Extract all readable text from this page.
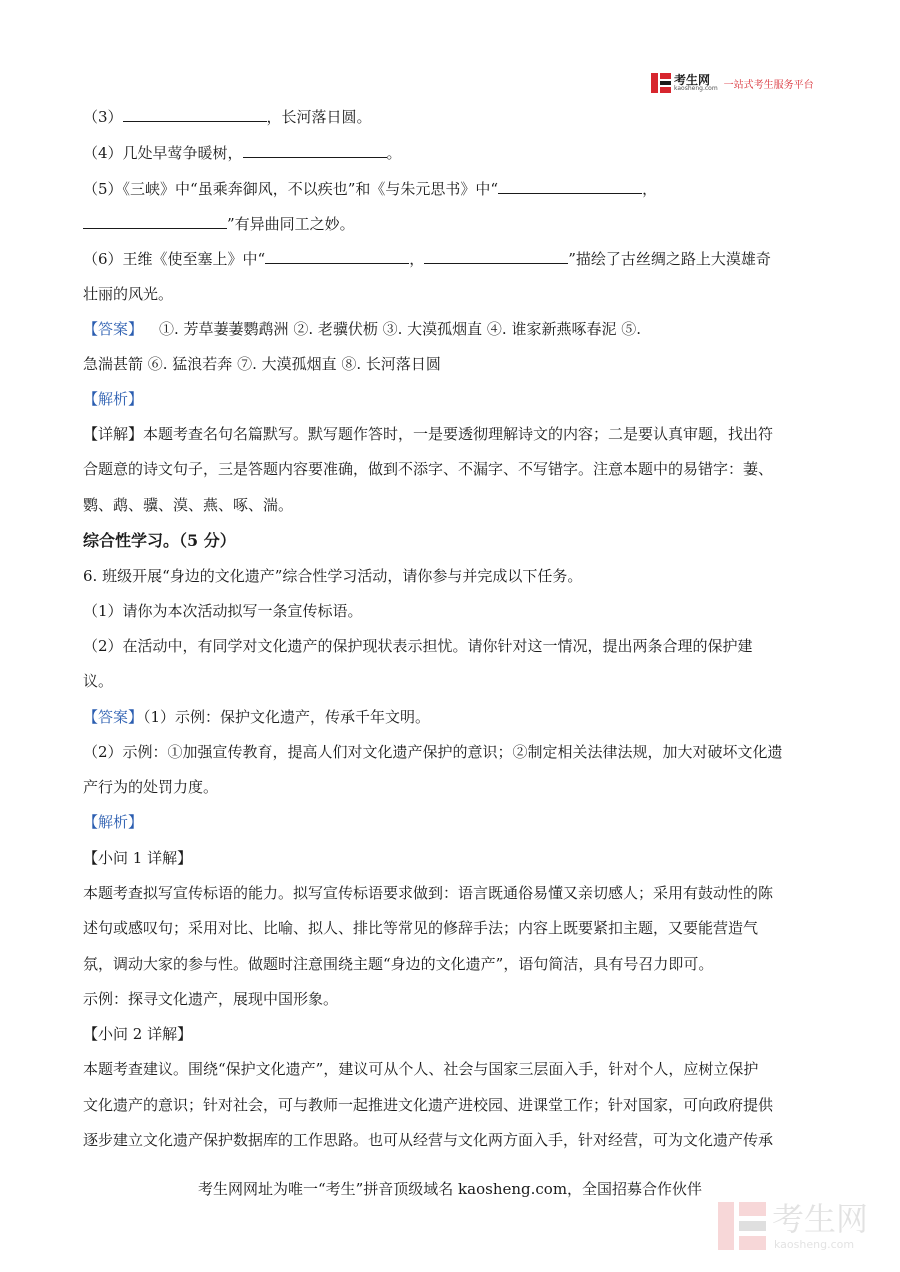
考生网
kaosheng.com 一站式考生服务平台
（3）	，长河落日圆。
（4）几处早莺争暖树，	。
（5）《三峡》中“虽乘奔御风，不以疾也”和《与朱元思书》中“	，
”有异曲同工之妙。
（6）王维《使至塞上》中“	，	”描绘了古丝绸之路上大漠雄奇
壮丽的风光。
【答案】 ①. 芳草萋萋鹦鹉洲 ②. 老骥伏枥 ③. 大漠孤烟直 ④. 谁家新燕啄春泥 ⑤.
急湍甚箭 ⑥. 猛浪若奔 ⑦. 大漠孤烟直 ⑧. 长河落日圆
【解析】
【详解】本题考查名句名篇默写。默写题作答时，一是要透彻理解诗文的内容；二是要认真审题，找出符
合题意的诗文句子，三是答题内容要准确，做到不添字、不漏字、不写错字。注意本题中的易错字：萋、
鹦、鹉、骥、漠、燕、啄、湍。
综合性学习。（5 分）
6. 班级开展“身边的文化遗产”综合性学习活动，请你参与并完成以下任务。
（1）请你为本次活动拟写一条宣传标语。
（2）在活动中，有同学对文化遗产的保护现状表示担忧。请你针对这一情况，提出两条合理的保护建
议。
【答案】（1）示例：保护文化遗产，传承千年文明。
（2）示例：①加强宣传教育，提高人们对文化遗产保护的意识；②制定相关法律法规，加大对破坏文化遗
产行为的处罚力度。
【解析】
【小问 1 详解】
本题考查拟写宣传标语的能力。拟写宣传标语要求做到：语言既通俗易懂又亲切感人；采用有鼓动性的陈
述句或感叹句；采用对比、比喻、拟人、排比等常见的修辞手法；内容上既要紧扣主题，又要能营造气
氛，调动大家的参与性。做题时注意围绕主题“身边的文化遗产”，语句简洁，具有号召力即可。
示例：探寻文化遗产，展现中国形象。
【小问 2 详解】
本题考查建议。围绕“保护文化遗产”，建议可从个人、社会与国家三层面入手，针对个人，应树立保护
文化遗产的意识；针对社会，可与教师一起推进文化遗产进校园、进课堂工作；针对国家，可向政府提供
逐步建立文化遗产保护数据库的工作思路。也可从经营与文化两方面入手，针对经营，可为文化遗产传承
考生网网址为唯一“考生”拼音顶级域名 kaosheng.com，全国招募合作伙伴
考生网
kaosheng.com
